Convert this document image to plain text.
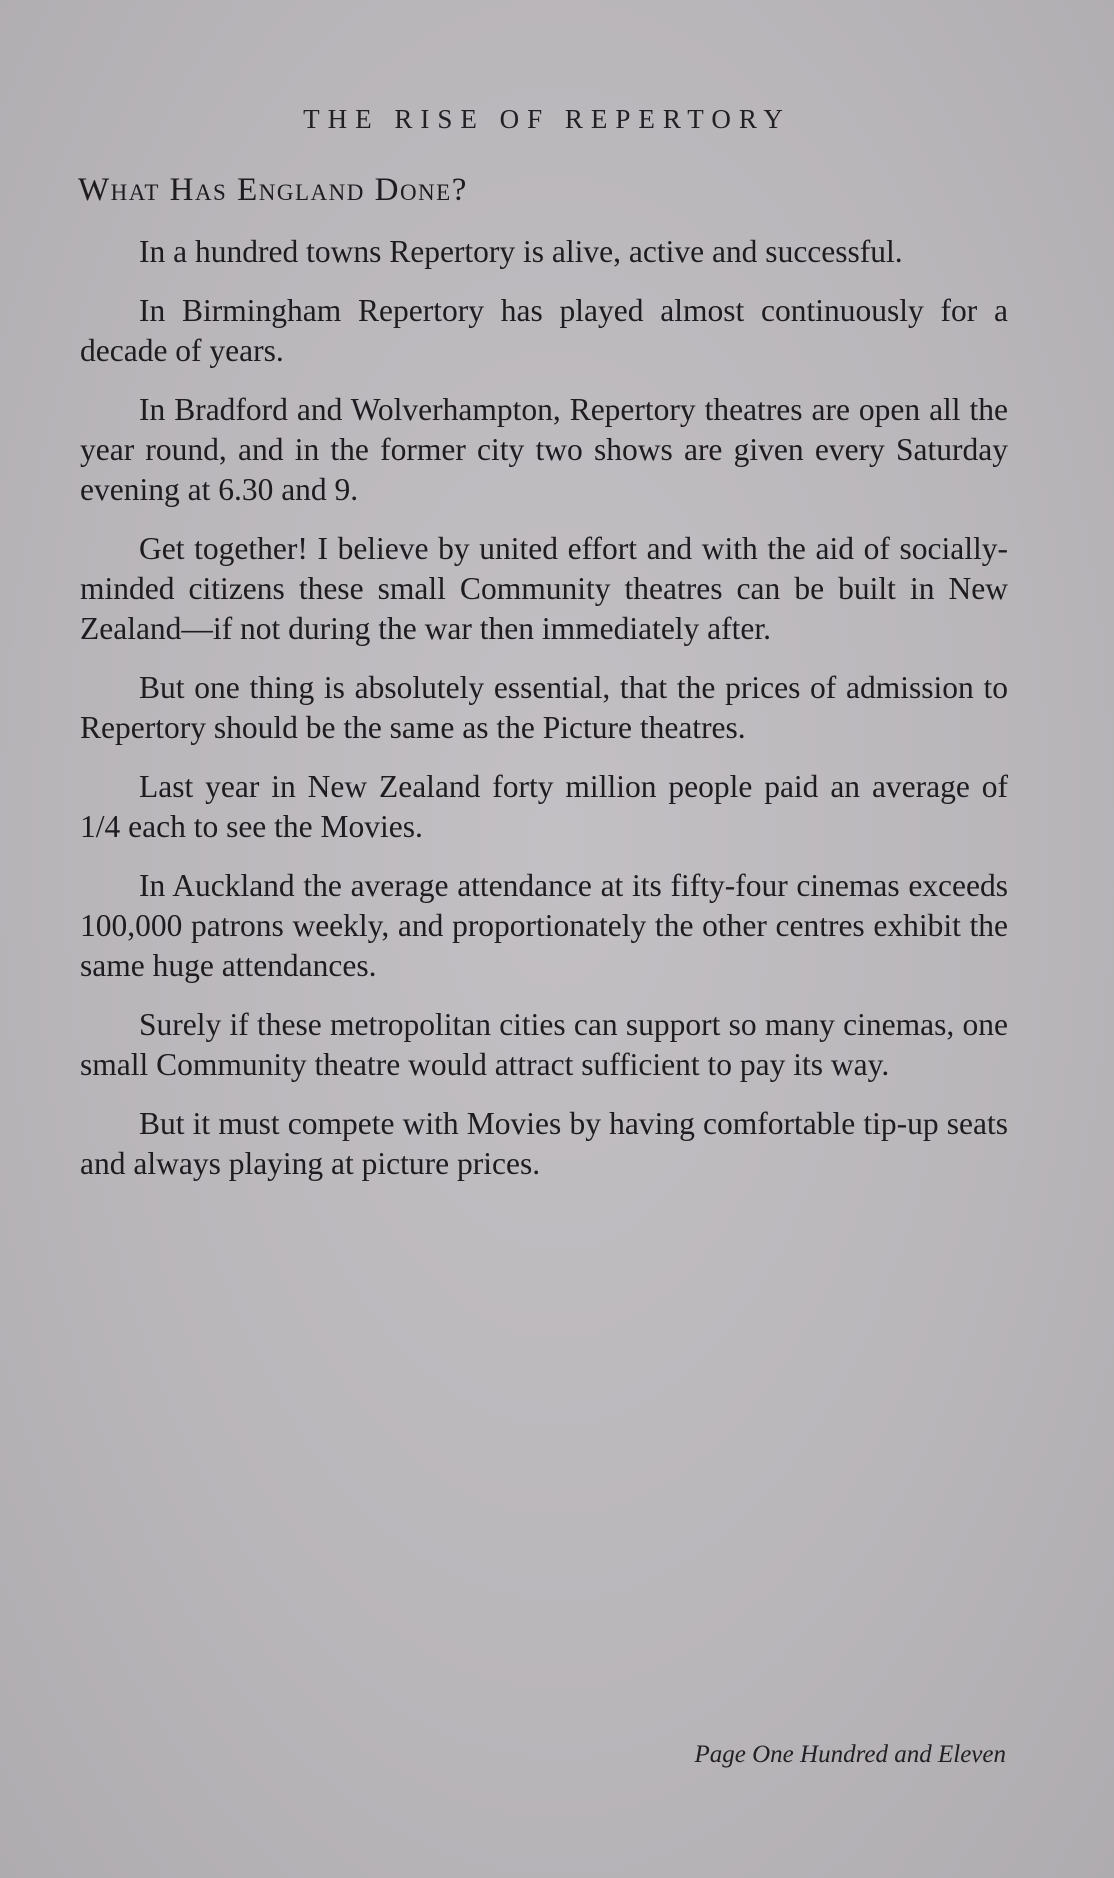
THE RISE OF REPERTORY
What Has England Done?

In a hundred towns Repertory is alive, active and successful.

In Birmingham Repertory has played almost continuously for a decade of years.

In Bradford and Wolverhampton, Repertory theatres are open all the year round, and in the former city two shows are given every Saturday evening at 6.30 and 9.

Get together! I believe by united effort and with the aid of socially-minded citizens these small Community theatres can be built in New Zealand—if not during the war then immediately after.

But one thing is absolutely essential, that the prices of admission to Repertory should be the same as the Picture theatres.

Last year in New Zealand forty million people paid an average of 1/4 each to see the Movies.

In Auckland the average attendance at its fifty-four cinemas exceeds 100,000 patrons weekly, and proportionately the other centres exhibit the same huge attendances.

Surely if these metropolitan cities can support so many cinemas, one small Community theatre would attract sufficient to pay its way.

But it must compete with Movies by having comfortable tip-up seats and always playing at picture prices.

Page One Hundred and Eleven
